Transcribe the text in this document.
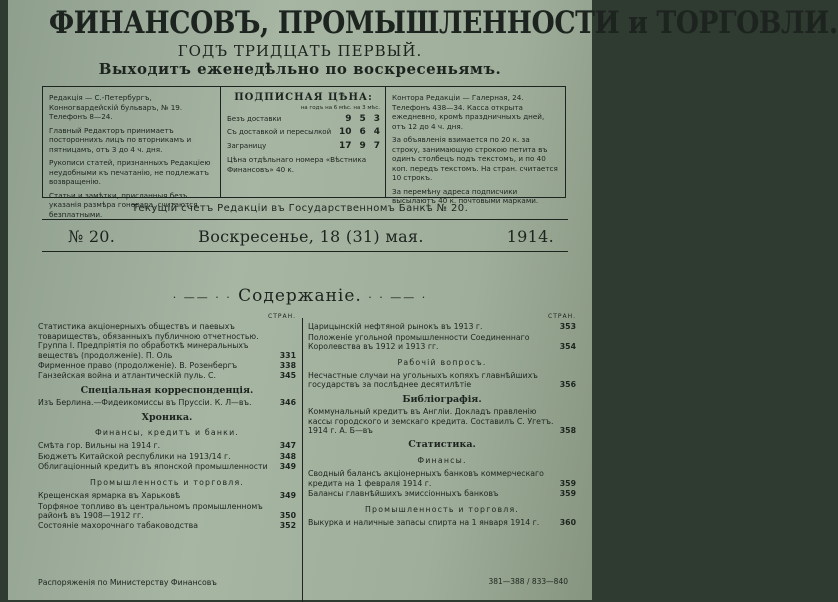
ФИНАНСОВЪ, ПРОМЫШЛЕННОСТИ и ТОРГОВЛИ.
ГОДЪ ТРИДЦАТЬ ПЕРВЫЙ.
Выходитъ еженедѣльно по воскресеньямъ.

Редакція — С.-Петербургъ, Конногвардейскій бульваръ, № 19. Телефонъ 8—24.

Главный Редакторъ принимаетъ постороннихъ лицъ по вторникамъ и пятницамъ, отъ 3 до 4 ч. дня.

Рукописи статей, признанныхъ Редакціею неудобными къ печатанію, не подлежатъ возвращенію.

Статьи и замѣтки, присланныя безъ указанія размѣра гонорара, считаются безплатными.

ПОДПИСНАЯ ЦѢНА:
на годъ на 6 мѣс. на 3 мѣс.
Безъ доставки	9 5 3
Съ доставкой и пересылкой 10 6 4
Заграницу	17 9 7

Цѣна отдѣльнаго номера «Вѣстника Финансовъ» 40 к.

Контора Редакціи — Галерная, 24. Телефонъ 438—34. Касса открыта ежедневно, кромѣ праздничныхъ дней, отъ 12 до 4 ч. дня.

За объявленія взимается по 20 к. за строку, занимающую строкою петита въ одинъ столбецъ подъ текстомъ, и по 40 коп. передъ текстомъ. На стран. считается 10 строкъ.

За перемѣну адреса подписчики высылаютъ 40 к. почтовыми марками.

Текущій счетъ Редакціи въ Государственномъ Банкѣ № 20.
№ 20.	Воскресенье, 18 (31) мая.	1914.
· —— · · Содержаніе. · · —— ·
СТРАН.
Статистика акціонерныхъ обществъ и паевыхъ товариществъ, обязанныхъ публичною отчетностью. Группа I. Предпріятія по обработкѣ минеральныхъ веществъ (продолженіе). П. Оль	331
Фирменное право (продолженіе). В. Розенбергъ	338
Ганзейская война и атлантическій пуль. С.	345
Спеціальная корреспонденція.
Изъ Берлина.—Фидеикомиссы въ Пруссіи. К. Л—въ.	346
Хроника.
Финансы, кредитъ и банки.
Смѣта гор. Вильны на 1914 г.	347
Бюджетъ Китайской республики на 1913/14 г.	348
Облигаціонный кредитъ въ японской промышленности	349
Промышленность и торговля.
Крещенская ярмарка въ Харьковѣ	349
Торфяное топливо въ центральномъ промышленномъ районѣ въ 1908—1912 гг.	350
Состояніе махорочнаго табаководства	352
СТРАН.
Царицынскій нефтяной рынокъ въ 1913 г.	353
Положеніе угольной промышленности Соединеннаго Королевства въ 1912 и 1913 гг.	354
Рабочій вопросъ.
Несчастные случаи на угольныхъ копяхъ главнѣйшихъ государствъ за послѣднее десятилѣтіе	356
Библіографія.
Коммунальный кредитъ въ Англіи. Докладъ правленію кассы городского и земскаго кредита. Составилъ С. Угетъ. 1914 г. А. Б—въ	358
Статистика.
Финансы.
Сводный балансъ акціонерныхъ банковъ коммерческаго кредита на 1 февраля 1914 г.	359
Балансы главнѣйшихъ эмиссіонныхъ банковъ	359
Промышленность и торговля.
Выкурка и наличные запасы спирта на 1 января 1914 г.	360
Распоряженія по Министерству Финансовъ	381—388 / 833—840
